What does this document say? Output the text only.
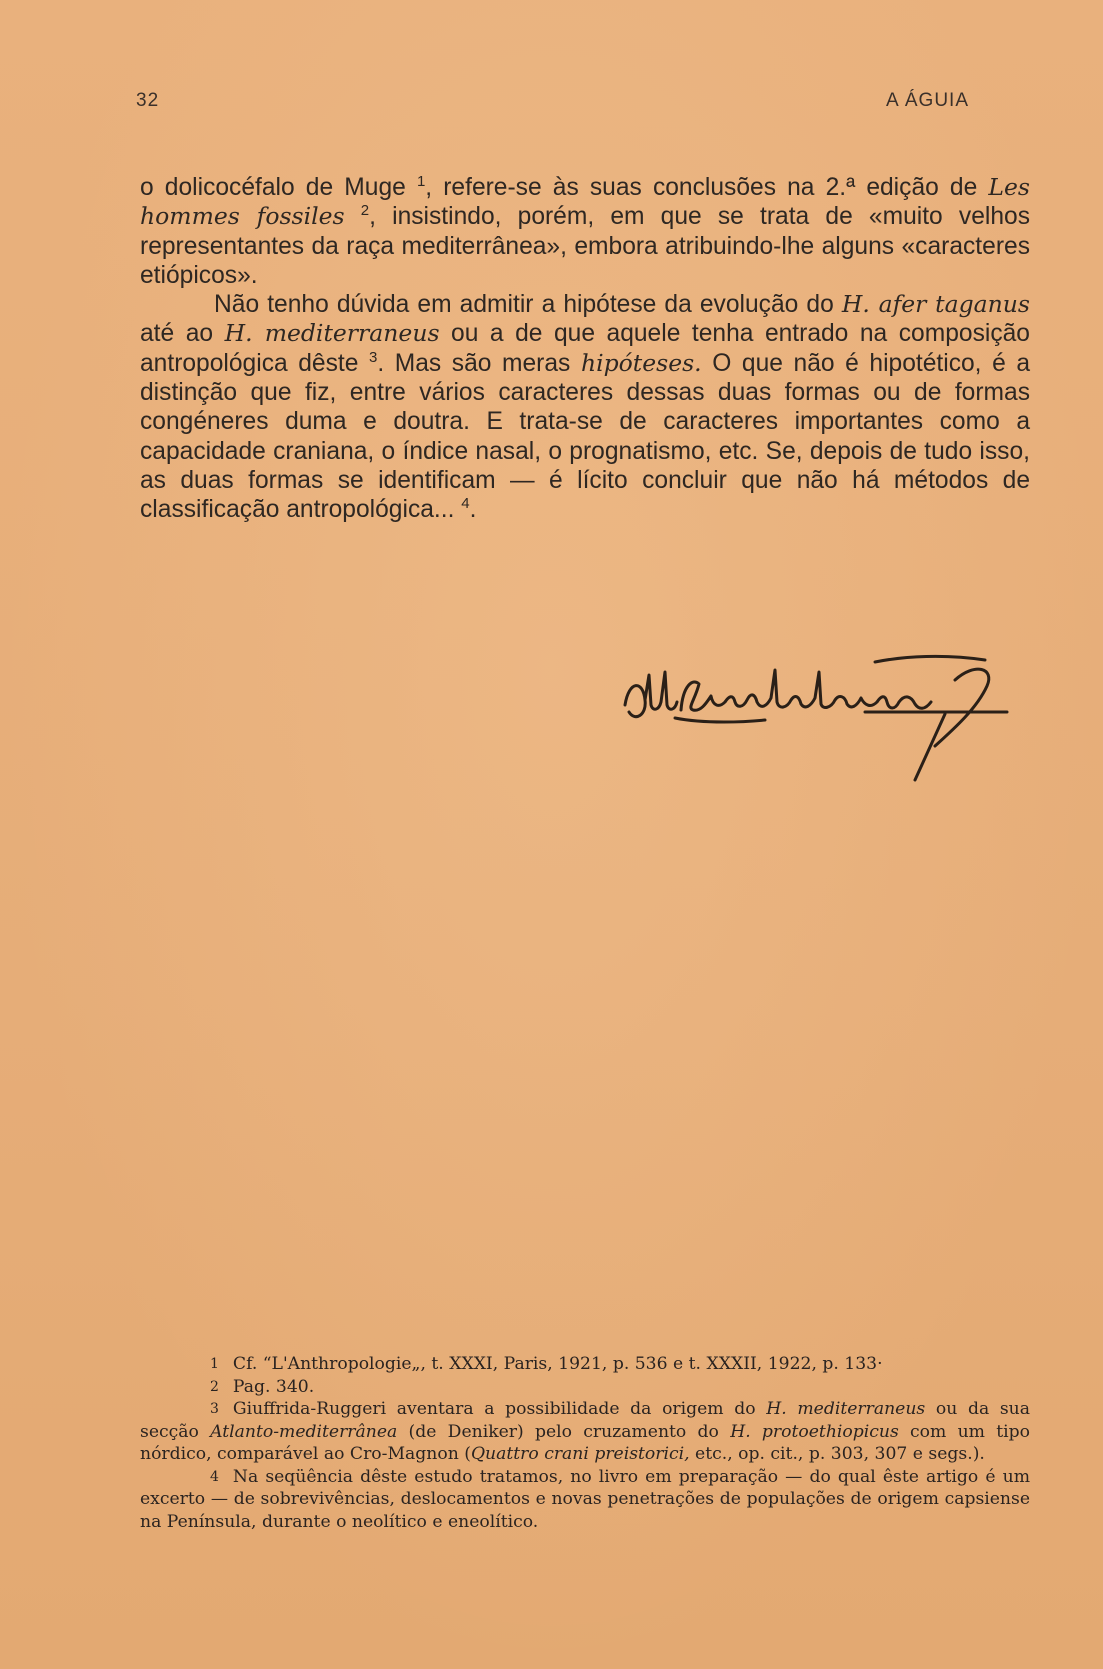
32	A ÁGUIA

o dolicocéfalo de Muge $^1$, refere-se às suas conclusões na 2.ª edição de Les hommes fossiles $^2$, insistindo, porém, em que se trata de «muito velhos representantes da raça mediterrânea», embora atribuindo-lhe alguns «caracteres etiópicos».

Não tenho dúvida em admitir a hipótese da evolução do H. afer taganus até ao H. mediterraneus ou a de que aquele tenha entrado na composição antropológica dêste $^3$. Mas são meras hipóteses. O que não é hipotético, é a distinção que fiz, entre vários caracteres dessas duas formas ou de formas congéneres duma e doutra. E trata-se de caracteres importantes como a capacidade craniana, o índice nasal, o prognatismo, etc. Se, depois de tudo isso, as duas formas se identificam — é lícito concluir que não há métodos de classificação antropológica... $^4$.

$^1$ Cf. “L'Anthropologie„, t. XXXI, Paris, 1921, p. 536 e t. XXXII, 1922, p. 133·

$^2$ Pag. 340.

$^3$ Giuffrida-Ruggeri aventara a possibilidade da origem do H. mediterraneus ou da sua secção Atlanto-mediterrânea (de Deniker) pelo cruzamento do H. protoethiopicus com um tipo nórdico, comparável ao Cro-Magnon (Quattro crani preistorici, etc., op. cit., p. 303, 307 e segs.).

$^4$ Na seqüência dêste estudo tratamos, no livro em preparação — do qual êste artigo é um excerto — de sobrevivências, deslocamentos e novas penetrações de populações de origem capsiense na Península, durante o neolítico e eneolítico.
